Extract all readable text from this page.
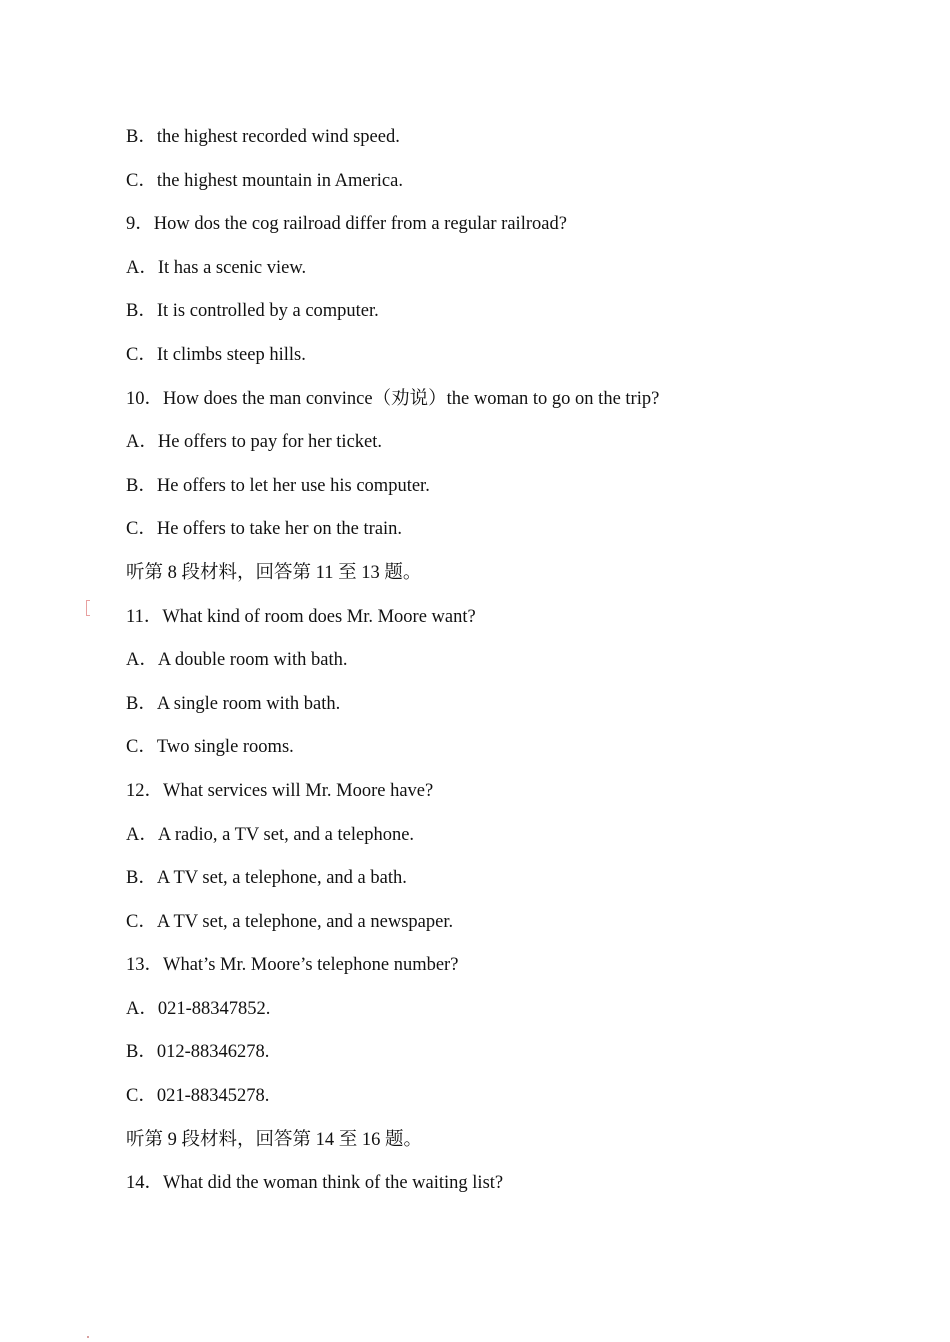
B．the highest recorded wind speed.
C．the highest mountain in America.
9．How dos the cog railroad differ from a regular railroad?
A．It has a scenic view.
B．It is controlled by a computer.
C．It climbs steep hills.
10．How does the man convince（劝说）the woman to go on the trip?
A．He offers to pay for her ticket.
B．He offers to let her use his computer.
C．He offers to take her on the train.
听第 8 段材料，回答第 11 至 13 题。
11．What kind of room does Mr. Moore want?
A．A double room with bath.
B．A single room with bath.
C．Two single rooms.
12．What services will Mr. Moore have?
A．A radio, a TV set, and a telephone.
B．A TV set, a telephone, and a bath.
C．A TV set, a telephone, and a newspaper.
13．What’s Mr. Moore’s telephone number?
A．021-88347852.
B．012-88346278.
C．021-88345278.
听第 9 段材料，回答第 14 至 16 题。
14．What did the woman think of the waiting list?
